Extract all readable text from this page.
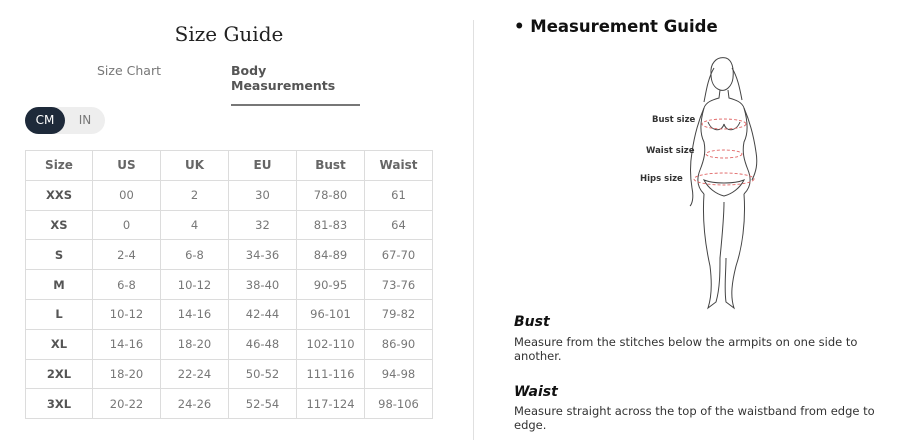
Size Guide
Size Chart	Body Measurements
CM	IN
Size	US	UK	EU	Bust	Waist
XXS	00	2	30	78-80	61
XS	0	4	32	81-83	64
S	2-4	6-8	34-36	84-89	67-70
M	6-8	10-12	38-40	90-95	73-76
L	10-12	14-16	42-44	96-101	79-82
XL	14-16	18-20	46-48	102-110	86-90
2XL	18-20	22-24	50-52	111-116	94-98
3XL	20-22	24-26	52-54	117-124	98-106
• Measurement Guide
Bust size
Waist size
Hips size
Bust
Measure from the stitches below the armpits on one side to another.
Waist
Measure straight across the top of the waistband from edge to edge.
